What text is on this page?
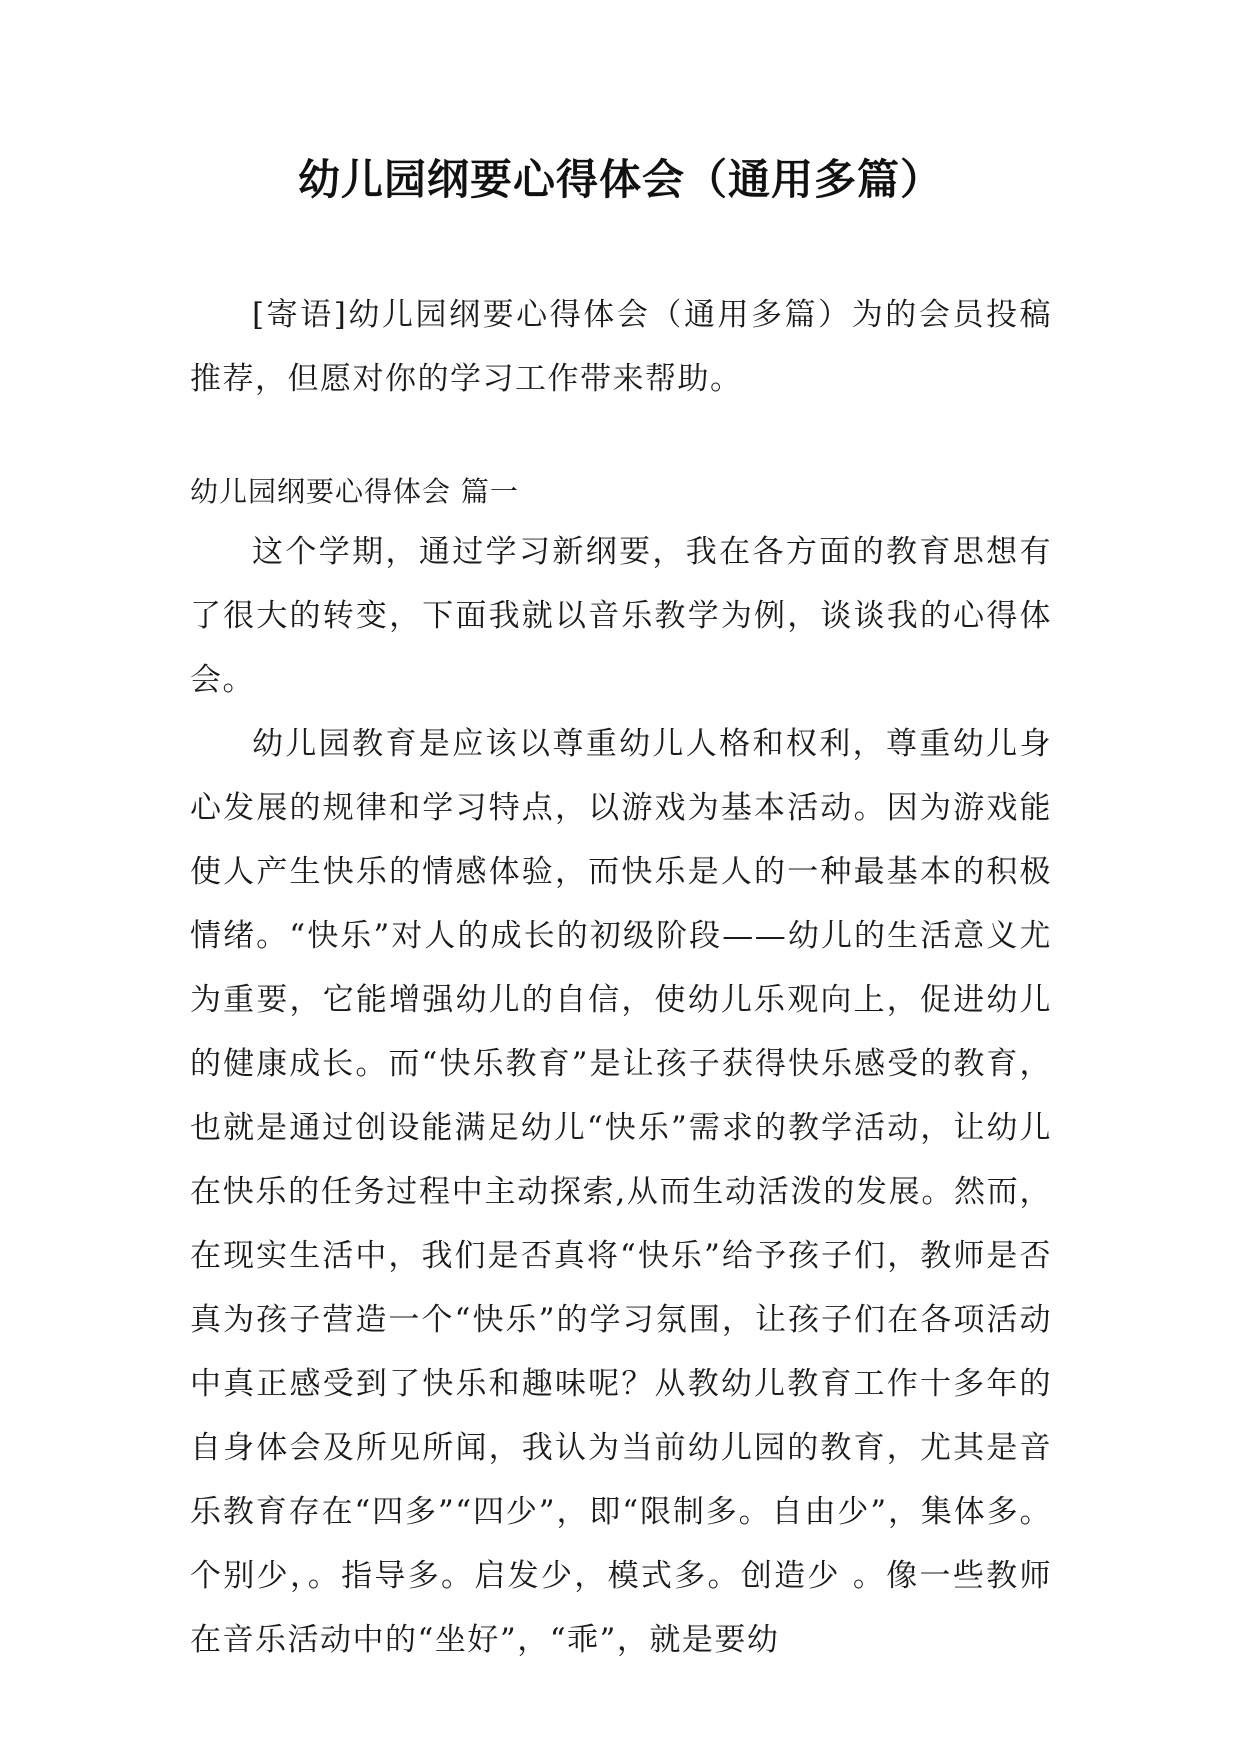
幼儿园纲要心得体会（通用多篇）

[寄语]幼儿园纲要心得体会（通用多篇）为的会员投稿推荐，但愿对你的学习工作带来帮助。

幼儿园纲要心得体会 篇一

这个学期，通过学习新纲要，我在各方面的教育思想有了很大的转变，下面我就以音乐教学为例，谈谈我的心得体会。

幼儿园教育是应该以尊重幼儿人格和权利，尊重幼儿身心发展的规律和学习特点，以游戏为基本活动。因为游戏能使人产生快乐的情感体验，而快乐是人的一种最基本的积极情绪。“快乐”对人的成长的初级阶段——幼儿的生活意义尤为重要，它能增强幼儿的自信，使幼儿乐观向上，促进幼儿的健康成长。而“快乐教育”是让孩子获得快乐感受的教育，也就是通过创设能满足幼儿“快乐”需求的教学活动，让幼儿在快乐的任务过程中主动探索,从而生动活泼的发展。然而，在现实生活中，我们是否真将“快乐”给予孩子们，教师是否真为孩子营造一个“快乐”的学习氛围，让孩子们在各项活动中真正感受到了快乐和趣味呢？从教幼儿教育工作十多年的自身体会及所见所闻，我认为当前幼儿园的教育，尤其是音乐教育存在“四多”“四少”，即“限制多。自由少”，集体多。个别少，。指导多。启发少，模式多。创造少 。像一些教师在音乐活动中的“坐好”，“乖”，就是要幼
